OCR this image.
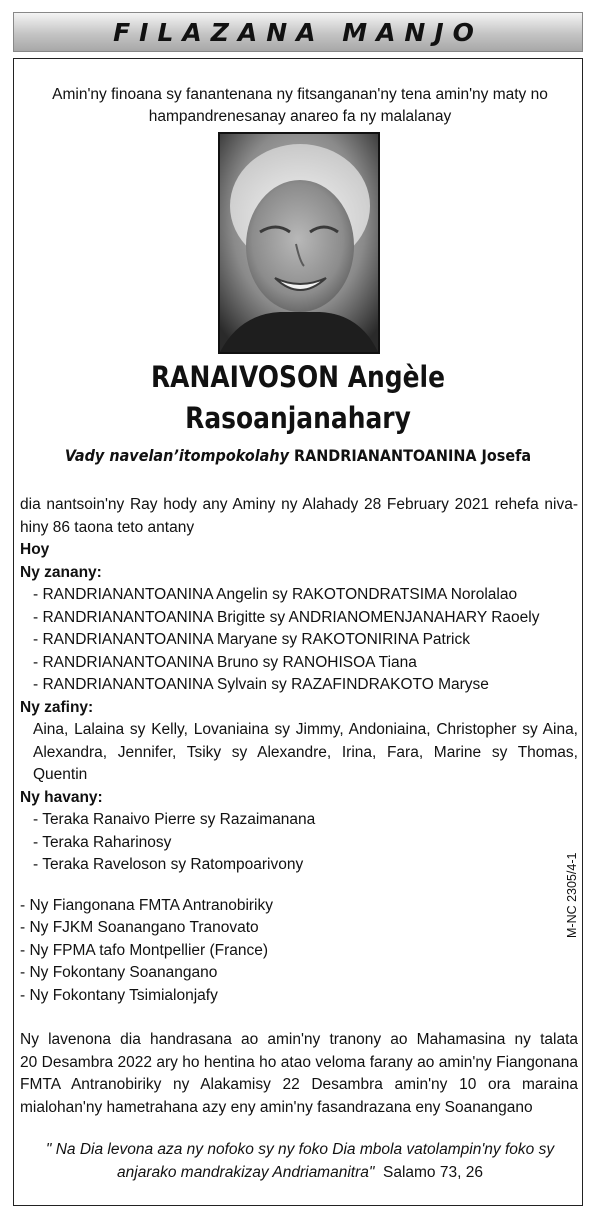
FILAZANA MANJO
Amin'ny finoana sy fanantenana ny fitsanganan'ny tena amin'ny maty no
hampandrenesanay anareo fa ny malalanay
RANAIVOSON Angèle
Rasoanjanahary
Vady navelan’itompokolahy RANDRIANANTOANINA Josefa
dia nantsoin'ny Ray hody any Aminy ny Alahady 28 February 2021 rehefa niva-
hiny 86 taona teto antany
Hoy
Ny zanany:
- RANDRIANANTOANINA Angelin sy RAKOTONDRATSIMA Norolalao
- RANDRIANANTOANINA Brigitte sy ANDRIANOMENJANAHARY Raoely
- RANDRIANANTOANINA Maryane sy RAKOTONIRINA Patrick
- RANDRIANANTOANINA Bruno sy RANOHISOA Tiana
- RANDRIANANTOANINA Sylvain sy RAZAFINDRAKOTO Maryse
Ny zafiny:
Aina, Lalaina sy Kelly, Lovaniaina sy Jimmy, Andoniaina, Christopher sy Aina,
Alexandra, Jennifer, Tsiky sy Alexandre, Irina, Fara, Marine sy Thomas, Quentin
Ny havany:
- Teraka Ranaivo Pierre sy Razaimanana
- Teraka Raharinosy
- Teraka Raveloson sy Ratompoarivony
- Ny Fiangonana FMTA Antranobiriky
- Ny FJKM Soanangano Tranovato
- Ny FPMA tafo Montpellier (France)
- Ny Fokontany Soanangano
- Ny Fokontany Tsimialonjafy
Ny lavenona dia handrasana ao amin'ny tranony ao Mahamasina ny talata
20 Desambra 2022 ary ho hentina ho atao veloma farany ao amin'ny Fiangonana
FMTA Antranobiriky ny Alakamisy 22 Desambra amin'ny 10 ora maraina
mialohan'ny hametrahana azy eny amin'ny fasandrazana eny Soanangano
" Na Dia levona aza ny nofoko sy ny foko Dia mbola vatolampin'ny foko sy
anjarako mandrakizay Andriamanitra" Salamo 73, 26
M-NC 2305/4-1
